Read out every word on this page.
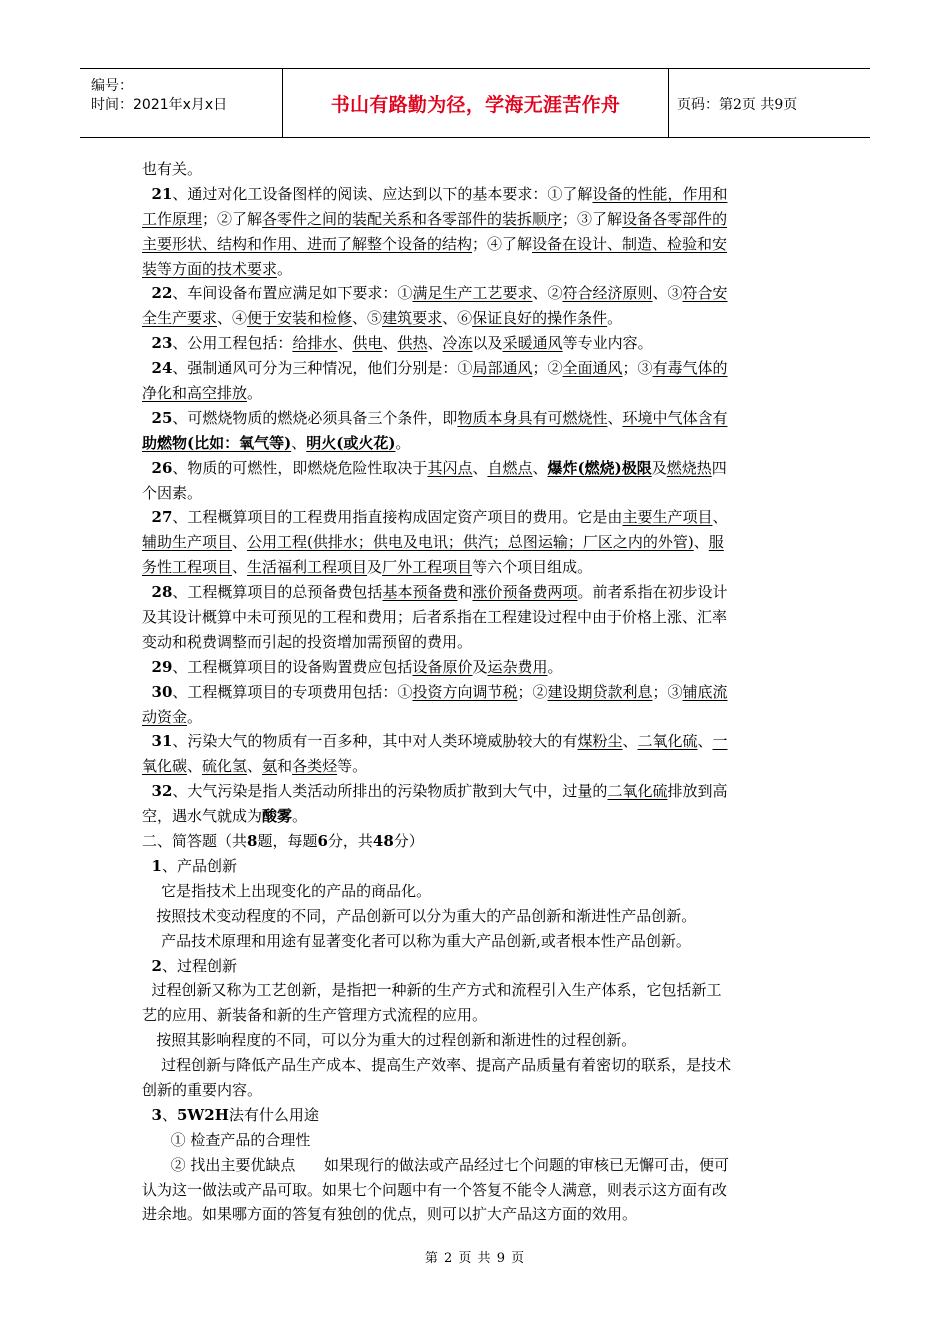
编号：
时间：2021年x月x日	书山有路勤为径，学海无涯苦作舟	页码：第2页 共9页
也有关。
21、通过对化工设备图样的阅读、应达到以下的基本要求：①了解设备的性能，作用和
工作原理；②了解各零件之间的装配关系和各零部件的装拆顺序；③了解设备各零部件的
主要形状、结构和作用、进而了解整个设备的结构；④了解设备在设计、制造、检验和安
装等方面的技术要求。
22、车间设备布置应满足如下要求：①满足生产工艺要求、②符合经济原则、③符合安
全生产要求、④便于安装和检修、⑤建筑要求、⑥保证良好的操作条件。
23、公用工程包括：给排水、供电、供热、冷冻以及采暖通风等专业内容。
24、强制通风可分为三种情况，他们分别是：①局部通风；②全面通风；③有毒气体的
净化和高空排放。
25、可燃烧物质的燃烧必须具备三个条件，即物质本身具有可燃烧性、环境中气体含有
助燃物(比如：氧气等)、明火(或火花)。
26、物质的可燃性，即燃烧危险性取决于其闪点、自燃点、爆炸(燃烧)极限及燃烧热四
个因素。
27、工程概算项目的工程费用指直接构成固定资产项目的费用。它是由主要生产项目、
辅助生产项目、公用工程(供排水；供电及电讯；供汽；总图运输；厂区之内的外管)、服
务性工程项目、生活福利工程项目及厂外工程项目等六个项目组成。
28、工程概算项目的总预备费包括基本预备费和涨价预备费两项。前者系指在初步设计
及其设计概算中未可预见的工程和费用；后者系指在工程建设过程中由于价格上涨、汇率
变动和税费调整而引起的投资增加需预留的费用。
29、工程概算项目的设备购置费应包括设备原价及运杂费用。
30、工程概算项目的专项费用包括：①投资方向调节税；②建设期贷款利息；③铺底流
动资金。
31、污染大气的物质有一百多种，其中对人类环境威胁较大的有煤粉尘、二氧化硫、一
氧化碳、硫化氢、氨和各类烃等。
32、大气污染是指人类活动所排出的污染物质扩散到大气中，过量的二氧化硫排放到高
空，遇水气就成为酸雾。
二、简答题（共8题，每题6分，共48分）
1、产品创新
它是指技术上出现变化的产品的商品化。
按照技术变动程度的不同，产品创新可以分为重大的产品创新和渐进性产品创新。
产品技术原理和用途有显著变化者可以称为重大产品创新,或者根本性产品创新。
2、过程创新
过程创新又称为工艺创新，是指把一种新的生产方式和流程引入生产体系，它包括新工
艺的应用、新装备和新的生产管理方式流程的应用。
按照其影响程度的不同，可以分为重大的过程创新和渐进性的过程创新。
过程创新与降低产品生产成本、提高生产效率、提高产品质量有着密切的联系，是技术
创新的重要内容。
3、5W2H法有什么用途
① 检查产品的合理性
② 找出主要优缺点      如果现行的做法或产品经过七个问题的审核已无懈可击，便可
认为这一做法或产品可取。如果七个问题中有一个答复不能令人满意，则表示这方面有改
进余地。如果哪方面的答复有独创的优点，则可以扩大产品这方面的效用。
第 2 页 共 9 页
